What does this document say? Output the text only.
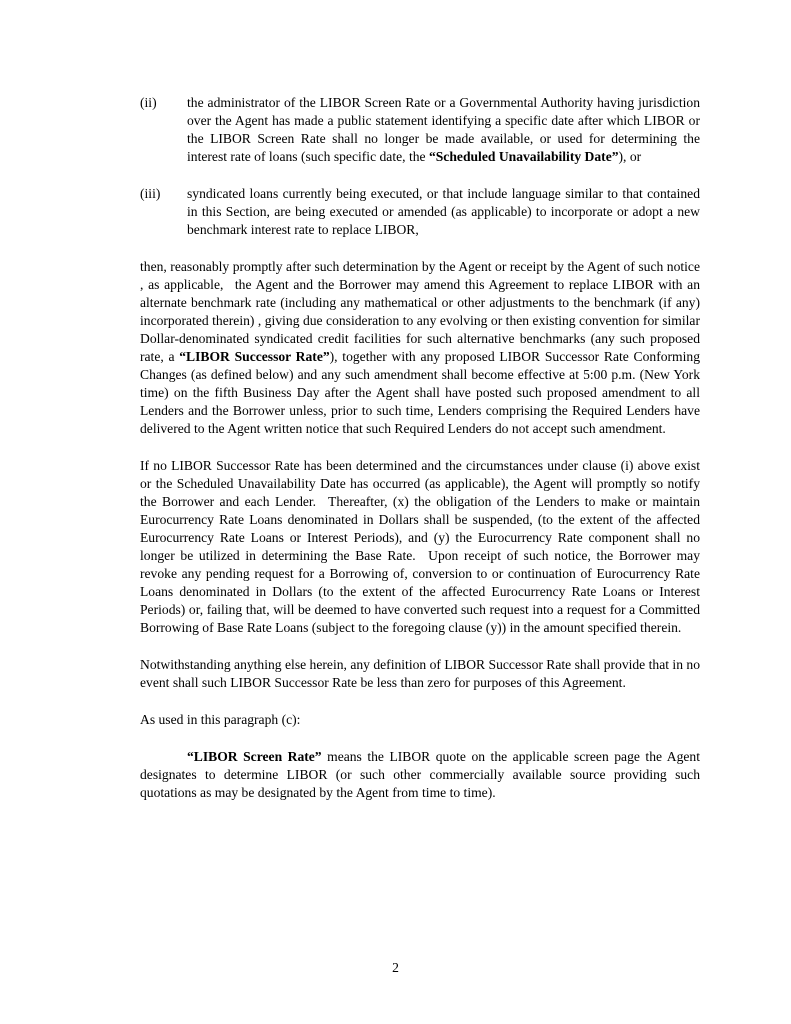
(ii)	the administrator of the LIBOR Screen Rate or a Governmental Authority having jurisdiction over the Agent has made a public statement identifying a specific date after which LIBOR or the LIBOR Screen Rate shall no longer be made available, or used for determining the interest rate of loans (such specific date, the “Scheduled Unavailability Date”), or
(iii)	syndicated loans currently being executed, or that include language similar to that contained in this Section, are being executed or amended (as applicable) to incorporate or adopt a new benchmark interest rate to replace LIBOR,

then, reasonably promptly after such determination by the Agent or receipt by the Agent of such notice , as applicable,  the Agent and the Borrower may amend this Agreement to replace LIBOR with an alternate benchmark rate (including any mathematical or other adjustments to the benchmark (if any) incorporated therein) , giving due consideration to any evolving or then existing convention for similar Dollar-denominated syndicated credit facilities for such alternative benchmarks (any such proposed rate, a “LIBOR Successor Rate”), together with any proposed LIBOR Successor Rate Conforming Changes (as defined below) and any such amendment shall become effective at 5:00 p.m. (New York time) on the fifth Business Day after the Agent shall have posted such proposed amendment to all Lenders and the Borrower unless, prior to such time, Lenders comprising the Required Lenders have delivered to the Agent written notice that such Required Lenders do not accept such amendment.

If no LIBOR Successor Rate has been determined and the circumstances under clause (i) above exist or the Scheduled Unavailability Date has occurred (as applicable), the Agent will promptly so notify the Borrower and each Lender.  Thereafter, (x) the obligation of the Lenders to make or maintain Eurocurrency Rate Loans denominated in Dollars shall be suspended, (to the extent of the affected Eurocurrency Rate Loans or Interest Periods), and (y) the Eurocurrency Rate component shall no longer be utilized in determining the Base Rate.  Upon receipt of such notice, the Borrower may revoke any pending request for a Borrowing of, conversion to or continuation of Eurocurrency Rate Loans denominated in Dollars (to the extent of the affected Eurocurrency Rate Loans or Interest Periods) or, failing that, will be deemed to have converted such request into a request for a Committed Borrowing of Base Rate Loans (subject to the foregoing clause (y)) in the amount specified therein.

Notwithstanding anything else herein, any definition of LIBOR Successor Rate shall provide that in no event shall such LIBOR Successor Rate be less than zero for purposes of this Agreement.

As used in this paragraph (c):

“LIBOR Screen Rate” means the LIBOR quote on the applicable screen page the Agent designates to determine LIBOR (or such other commercially available source providing such quotations as may be designated by the Agent from time to time).

2
